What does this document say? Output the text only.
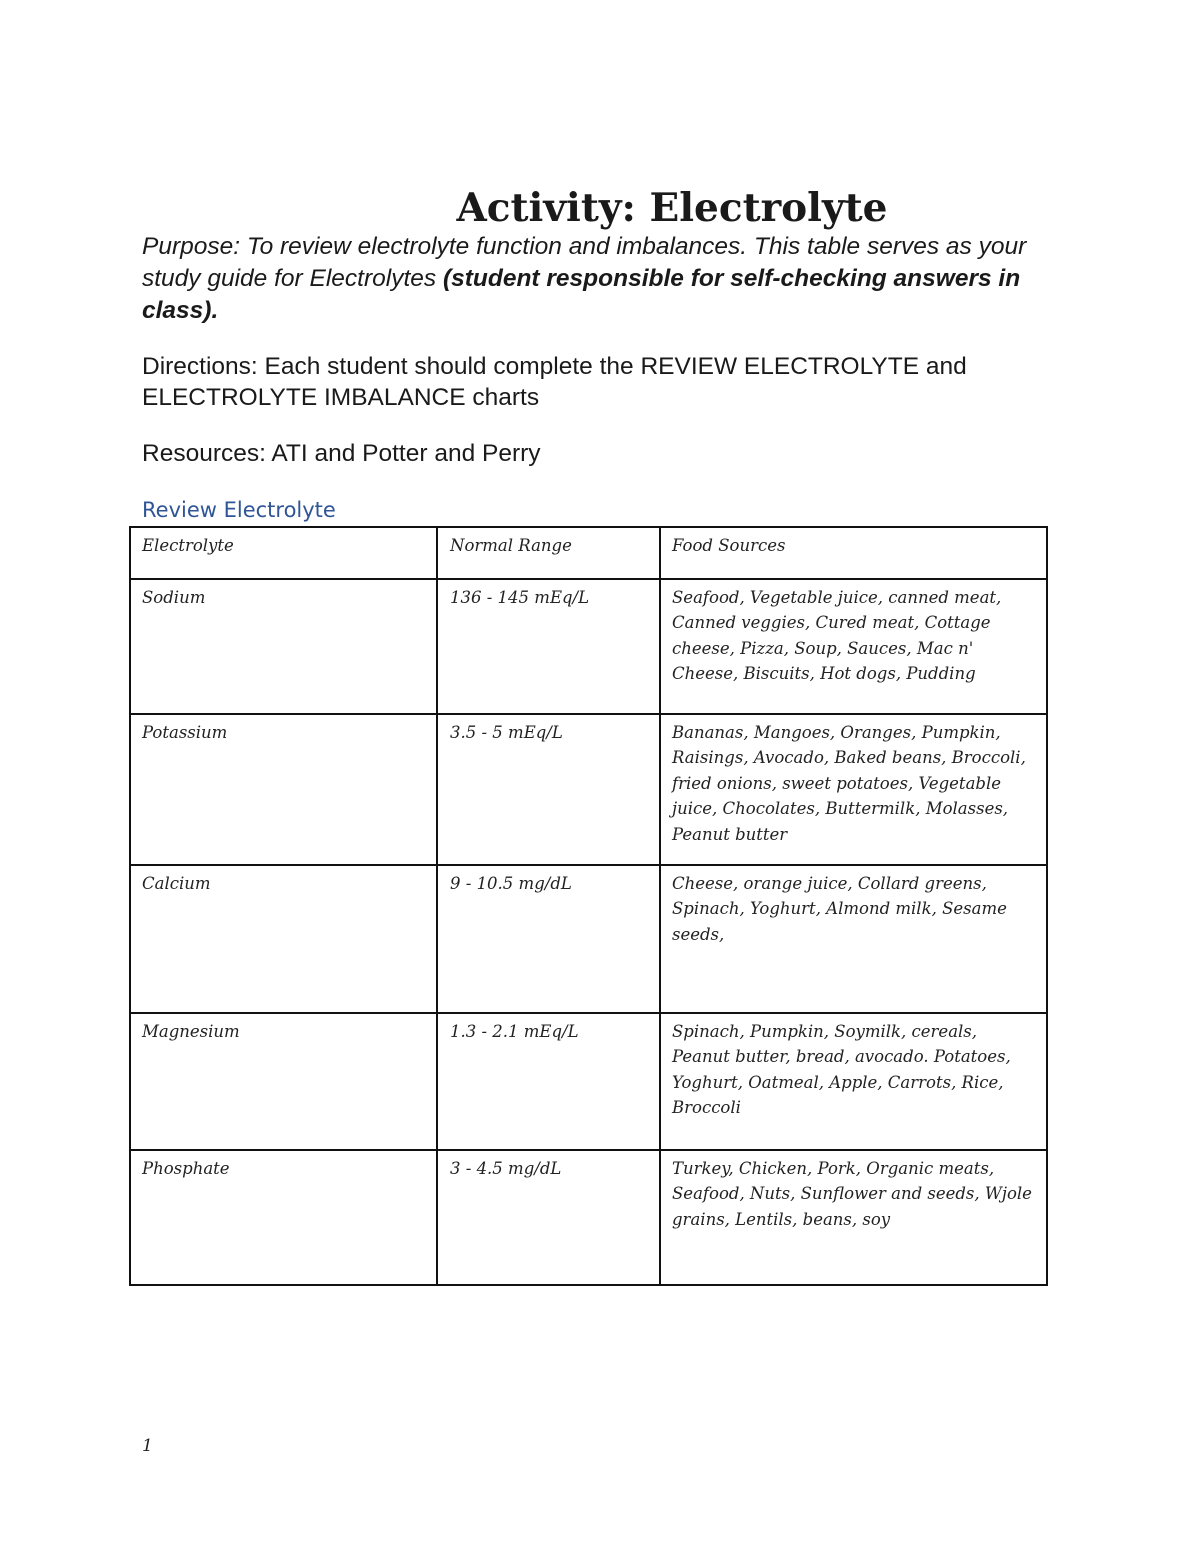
Activity: Electrolyte
Purpose: To review electrolyte function and imbalances. This table serves as your study guide for Electrolytes (student responsible for self-checking answers in class).
Directions: Each student should complete the REVIEW ELECTROLYTE and ELECTROLYTE IMBALANCE charts
Resources: ATI and Potter and Perry
Review Electrolyte
Electrolyte	Normal Range	Food Sources
Sodium	136 - 145 mEq/L	Seafood, Vegetable juice, canned meat, Canned veggies, Cured meat, Cottage cheese, Pizza, Soup, Sauces, Mac n' Cheese, Biscuits, Hot dogs, Pudding
Potassium	3.5 - 5 mEq/L	Bananas, Mangoes, Oranges, Pumpkin, Raisings, Avocado, Baked beans, Broccoli, fried onions, sweet potatoes, Vegetable juice, Chocolates, Buttermilk, Molasses, Peanut butter
Calcium	9 - 10.5 mg/dL	Cheese, orange juice, Collard greens, Spinach, Yoghurt, Almond milk, Sesame seeds,
Magnesium	1.3 - 2.1 mEq/L	Spinach, Pumpkin, Soymilk, cereals, Peanut butter, bread, avocado. Potatoes, Yoghurt, Oatmeal, Apple, Carrots, Rice, Broccoli
Phosphate	3 - 4.5 mg/dL	Turkey, Chicken, Pork, Organic meats, Seafood, Nuts, Sunflower and seeds, Wjole grains, Lentils, beans, soy
1
